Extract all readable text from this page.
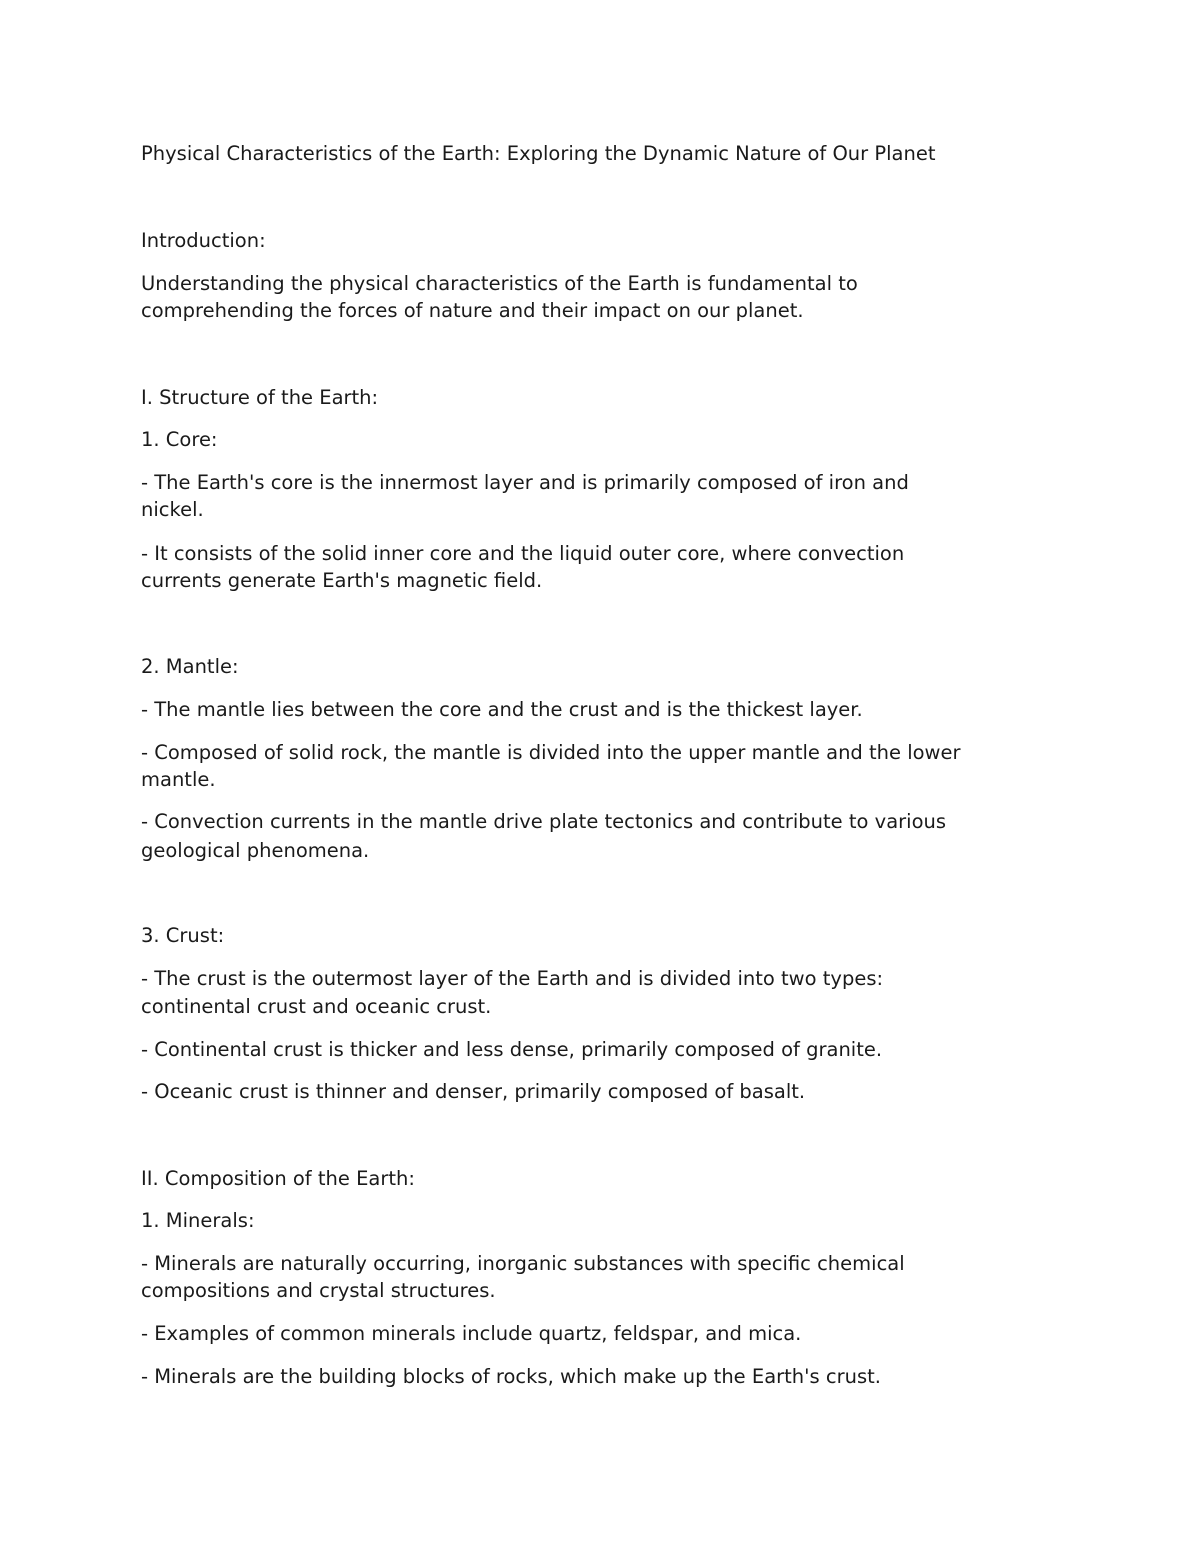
Physical Characteristics of the Earth: Exploring the Dynamic Nature of Our Planet

Introduction:

Understanding the physical characteristics of the Earth is fundamental to

comprehending the forces of nature and their impact on our planet.

I. Structure of the Earth:

1. Core:

- The Earth's core is the innermost layer and is primarily composed of iron and

nickel.

- It consists of the solid inner core and the liquid outer core, where convection

currents generate Earth's magnetic field.

2. Mantle:

- The mantle lies between the core and the crust and is the thickest layer.

- Composed of solid rock, the mantle is divided into the upper mantle and the lower

mantle.

- Convection currents in the mantle drive plate tectonics and contribute to various

geological phenomena.

3. Crust:

- The crust is the outermost layer of the Earth and is divided into two types:

continental crust and oceanic crust.

- Continental crust is thicker and less dense, primarily composed of granite.

- Oceanic crust is thinner and denser, primarily composed of basalt.

II. Composition of the Earth:

1. Minerals:

- Minerals are naturally occurring, inorganic substances with specific chemical

compositions and crystal structures.

- Examples of common minerals include quartz, feldspar, and mica.

- Minerals are the building blocks of rocks, which make up the Earth's crust.
